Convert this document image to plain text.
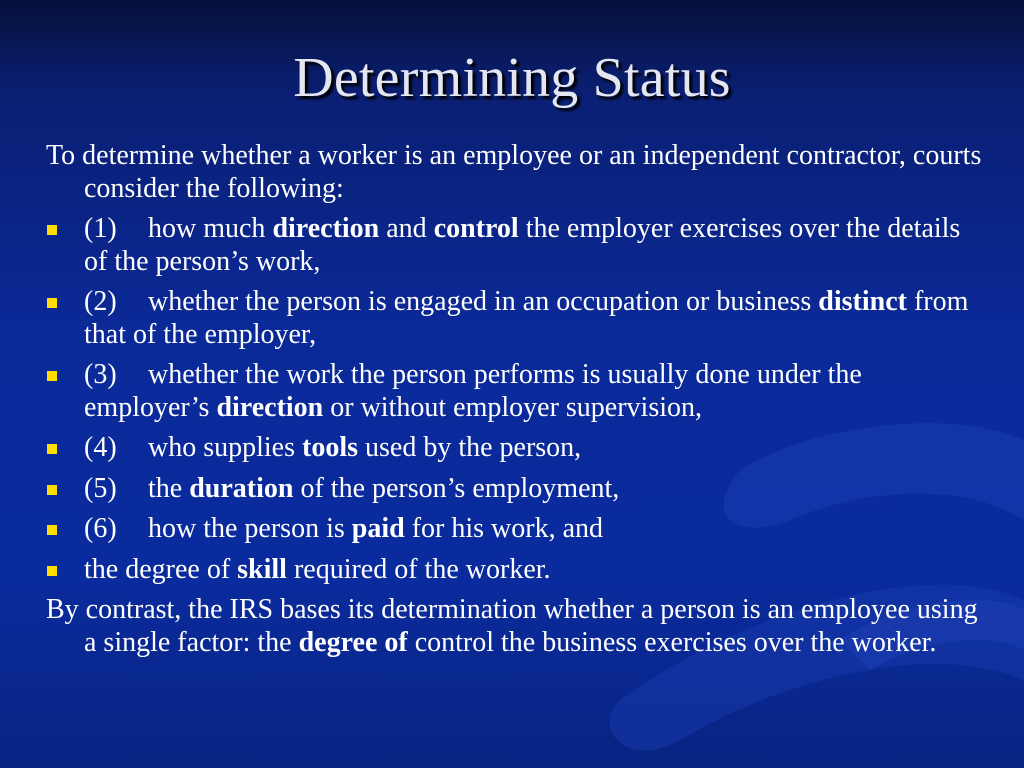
Determining Status
To determine whether a worker is an employee or an independent contractor, courts consider the following:
(1) how much direction and control the employer exercises over the details of the person’s work,
(2) whether the person is engaged in an occupation or business distinct from that of the employer,
(3) whether the work the person performs is usually done under the employer’s direction or without employer supervision,
(4) who supplies tools used by the person,
(5) the duration of the person’s employment,
(6) how the person is paid for his work, and
the degree of skill required of the worker.
By contrast, the IRS bases its determination whether a person is an employee using a single factor: the degree of control the business exercises over the worker.
